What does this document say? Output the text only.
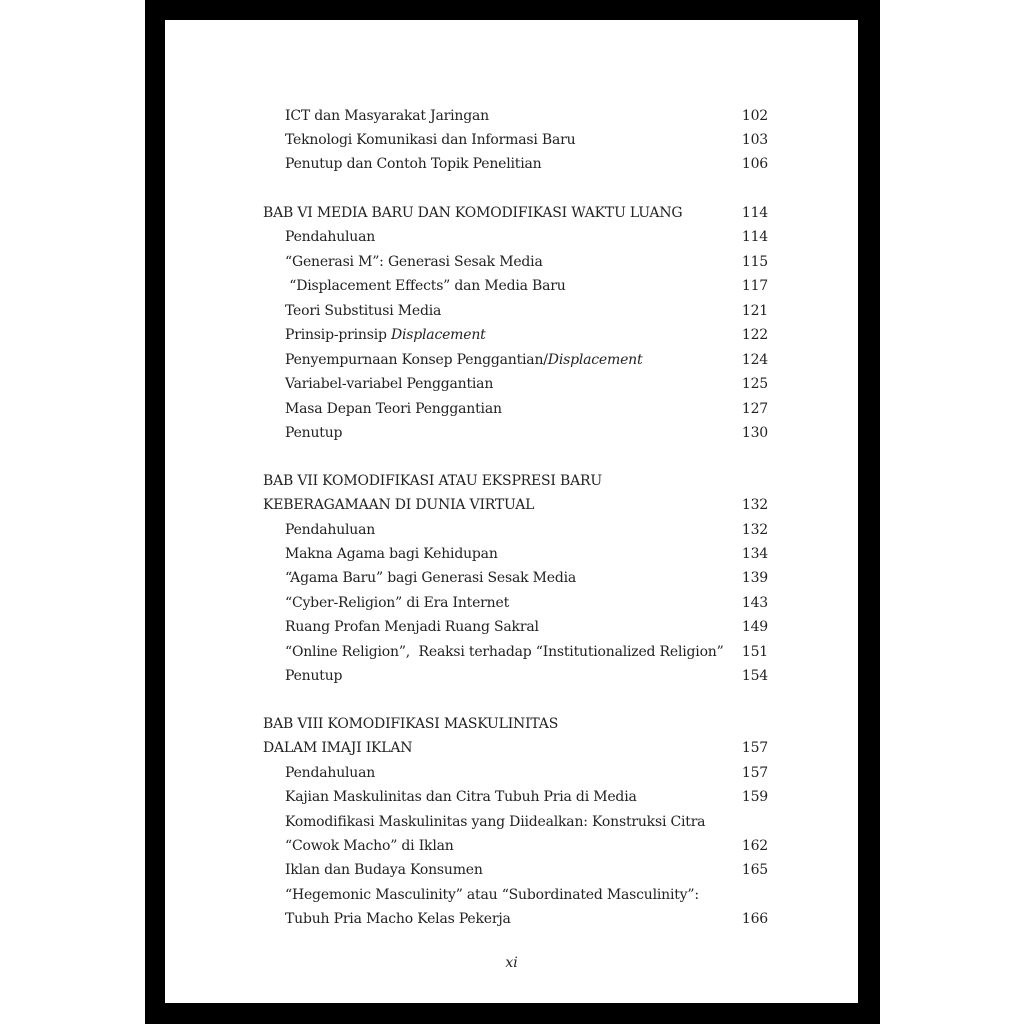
ICT dan Masyarakat Jaringan	102
Teknologi Komunikasi dan Informasi Baru	103
Penutup dan Contoh Topik Penelitian	106
BAB VI MEDIA BARU DAN KOMODIFIKASI WAKTU LUANG	114
Pendahuluan	114
“Generasi M”: Generasi Sesak Media	115
“Displacement Effects” dan Media Baru	117
Teori Substitusi Media	121
Prinsip-prinsip Displacement	122
Penyempurnaan Konsep Penggantian/Displacement	124
Variabel-variabel Penggantian	125
Masa Depan Teori Penggantian	127
Penutup	130
BAB VII KOMODIFIKASI ATAU EKSPRESI BARU
KEBERAGAMAAN DI DUNIA VIRTUAL	132
Pendahuluan	132
Makna Agama bagi Kehidupan	134
“Agama Baru” bagi Generasi Sesak Media	139
“Cyber-Religion” di Era Internet	143
Ruang Profan Menjadi Ruang Sakral	149
“Online Religion”,  Reaksi terhadap “Institutionalized Religion” 151
Penutup	154
BAB VIII KOMODIFIKASI MASKULINITAS
DALAM IMAJI IKLAN	157
Pendahuluan	157
Kajian Maskulinitas dan Citra Tubuh Pria di Media	159
Komodifikasi Maskulinitas yang Diidealkan: Konstruksi Citra
“Cowok Macho” di Iklan	162
Iklan dan Budaya Konsumen	165
“Hegemonic Masculinity” atau “Subordinated Masculinity”:
Tubuh Pria Macho Kelas Pekerja	166
xi
